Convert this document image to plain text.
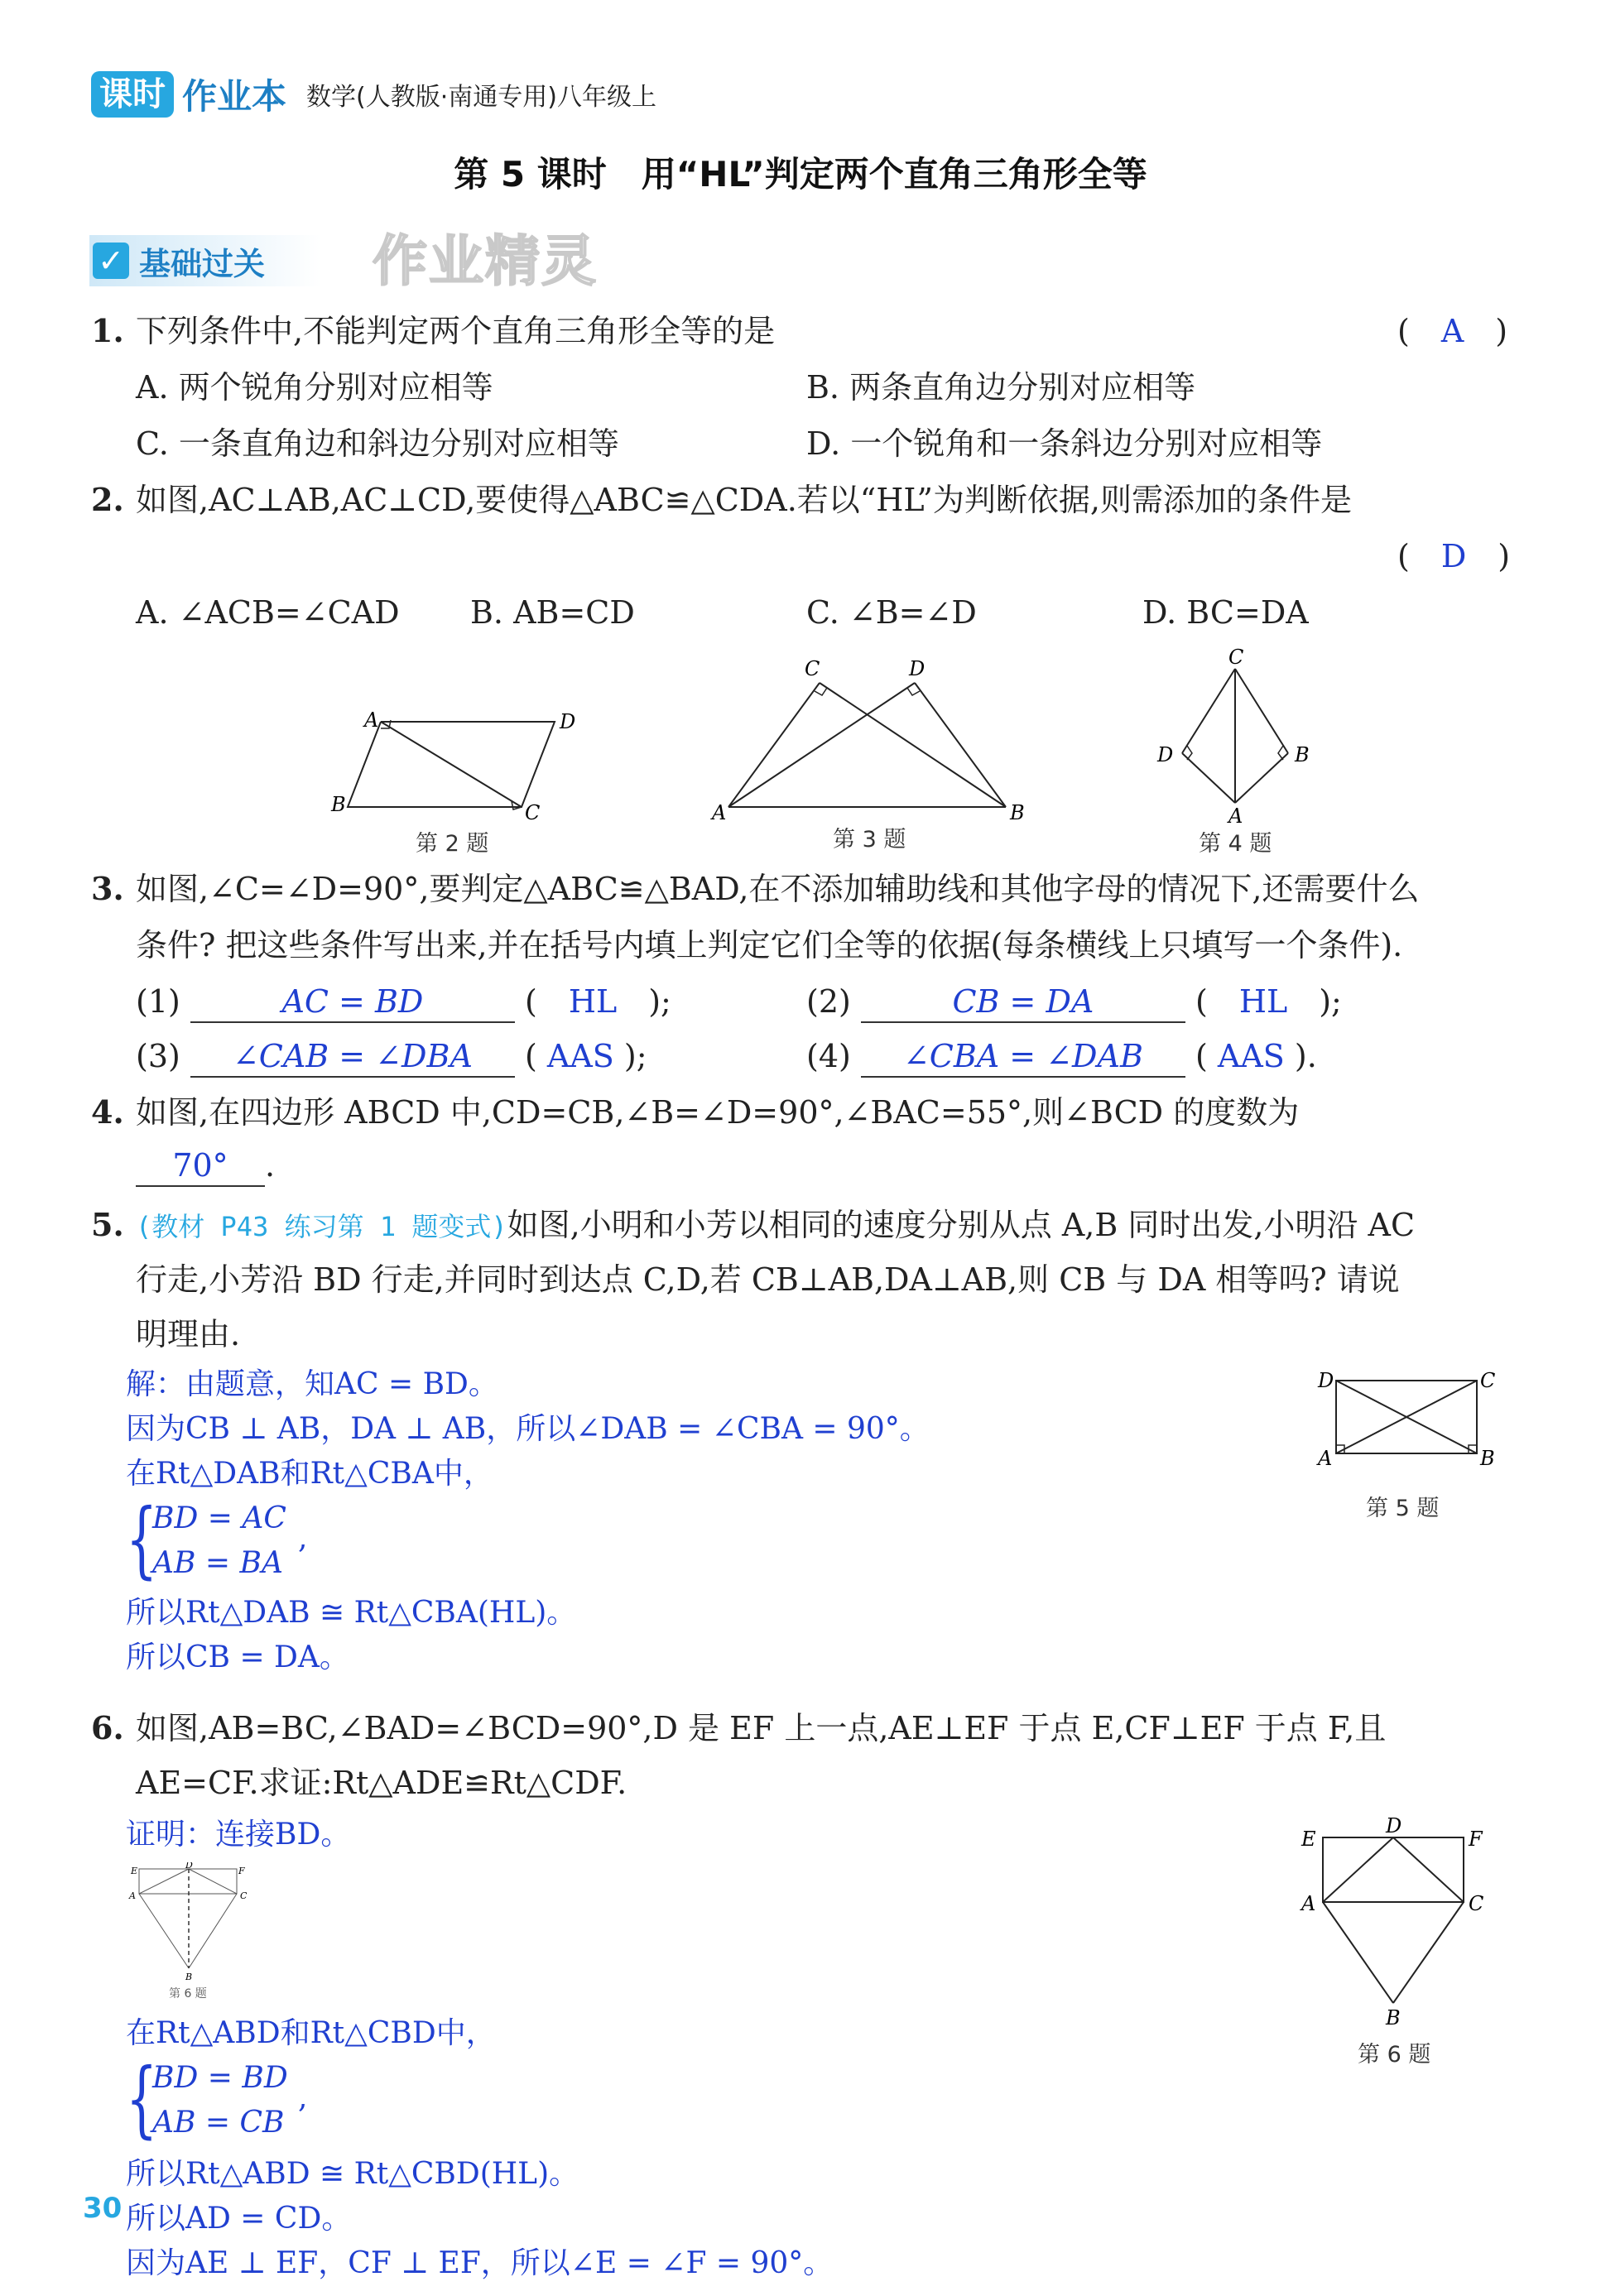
课时 作业本 数学(人教版·南通专用)八年级上
第 5 课时　用“HL”判定两个直角三角形全等
✓ 基础过关 作业精灵
1. 下列条件中,不能判定两个直角三角形全等的是	(　A　)
A. 两个锐角分别对应相等	B. 两条直角边分别对应相等
C. 一条直角边和斜边分别对应相等	D. 一个锐角和一条斜边分别对应相等
2. 如图,AC⊥AB,AC⊥CD,要使得△ABC≌△CDA.若以“HL”为判断依据,则需添加的条件是
(　D　)
A. ∠ACB=∠CAD B. AB=CD	C. ∠B=∠D	D. BC=DA
A	D
B	C
第 2 题
C	D
A	B
第 3 题
C
D	B
A
第 4 题
3. 如图,∠C=∠D=90°,要判定△ABC≌△BAD,在不添加辅助线和其他字母的情况下,还需要什么
条件? 把这些条件写出来,并在括号内填上判定它们全等的依据(每条横线上只填写一个条件).
(1)	AC = BD	(　HL　);	(2)	CB = DA	(　HL　);
(3) ∠CAB = ∠DBA ( AAS );	(4) ∠CBA = ∠DAB ( AAS ).
4. 如图,在四边形 ABCD 中,CD=CB,∠B=∠D=90°,∠BAC=55°,则∠BCD 的度数为
70° .
5. (教材 P43 练习第 1 题变式)如图,小明和小芳以相同的速度分别从点 A,B 同时出发,小明沿 AC
行走,小芳沿 BD 行走,并同时到达点 C,D,若 CB⊥AB,DA⊥AB,则 CB 与 DA 相等吗? 请说
明理由.
解：由题意，知AC = BD。
因为CB ⊥ AB，DA ⊥ AB，所以∠DAB = ∠CBA = 90°。
在Rt△DAB和Rt△CBA中，
{
BD = AC
AB = BA
,
所以Rt△DAB ≅ Rt△CBA(HL)。
所以CB = DA。
D	C
A	B
第 5 题
6. 如图,AB=BC,∠BAD=∠BCD=90°,D 是 EF 上一点,AE⊥EF 于点 E,CF⊥EF 于点 F,且
AE=CF.求证:Rt△ADE≌Rt△CDF.
证明：连接BD。
E
D
F
A	C
B
第 6 题
在Rt△ABD和Rt△CBD中，
{
BD = BD
AB = CB
,
所以Rt△ABD ≅ Rt△CBD(HL)。
所以AD = CD。
因为AE ⊥ EF，CF ⊥ EF，所以∠E = ∠F = 90°。
E
D
F
A	C
B
第 6 题
30
